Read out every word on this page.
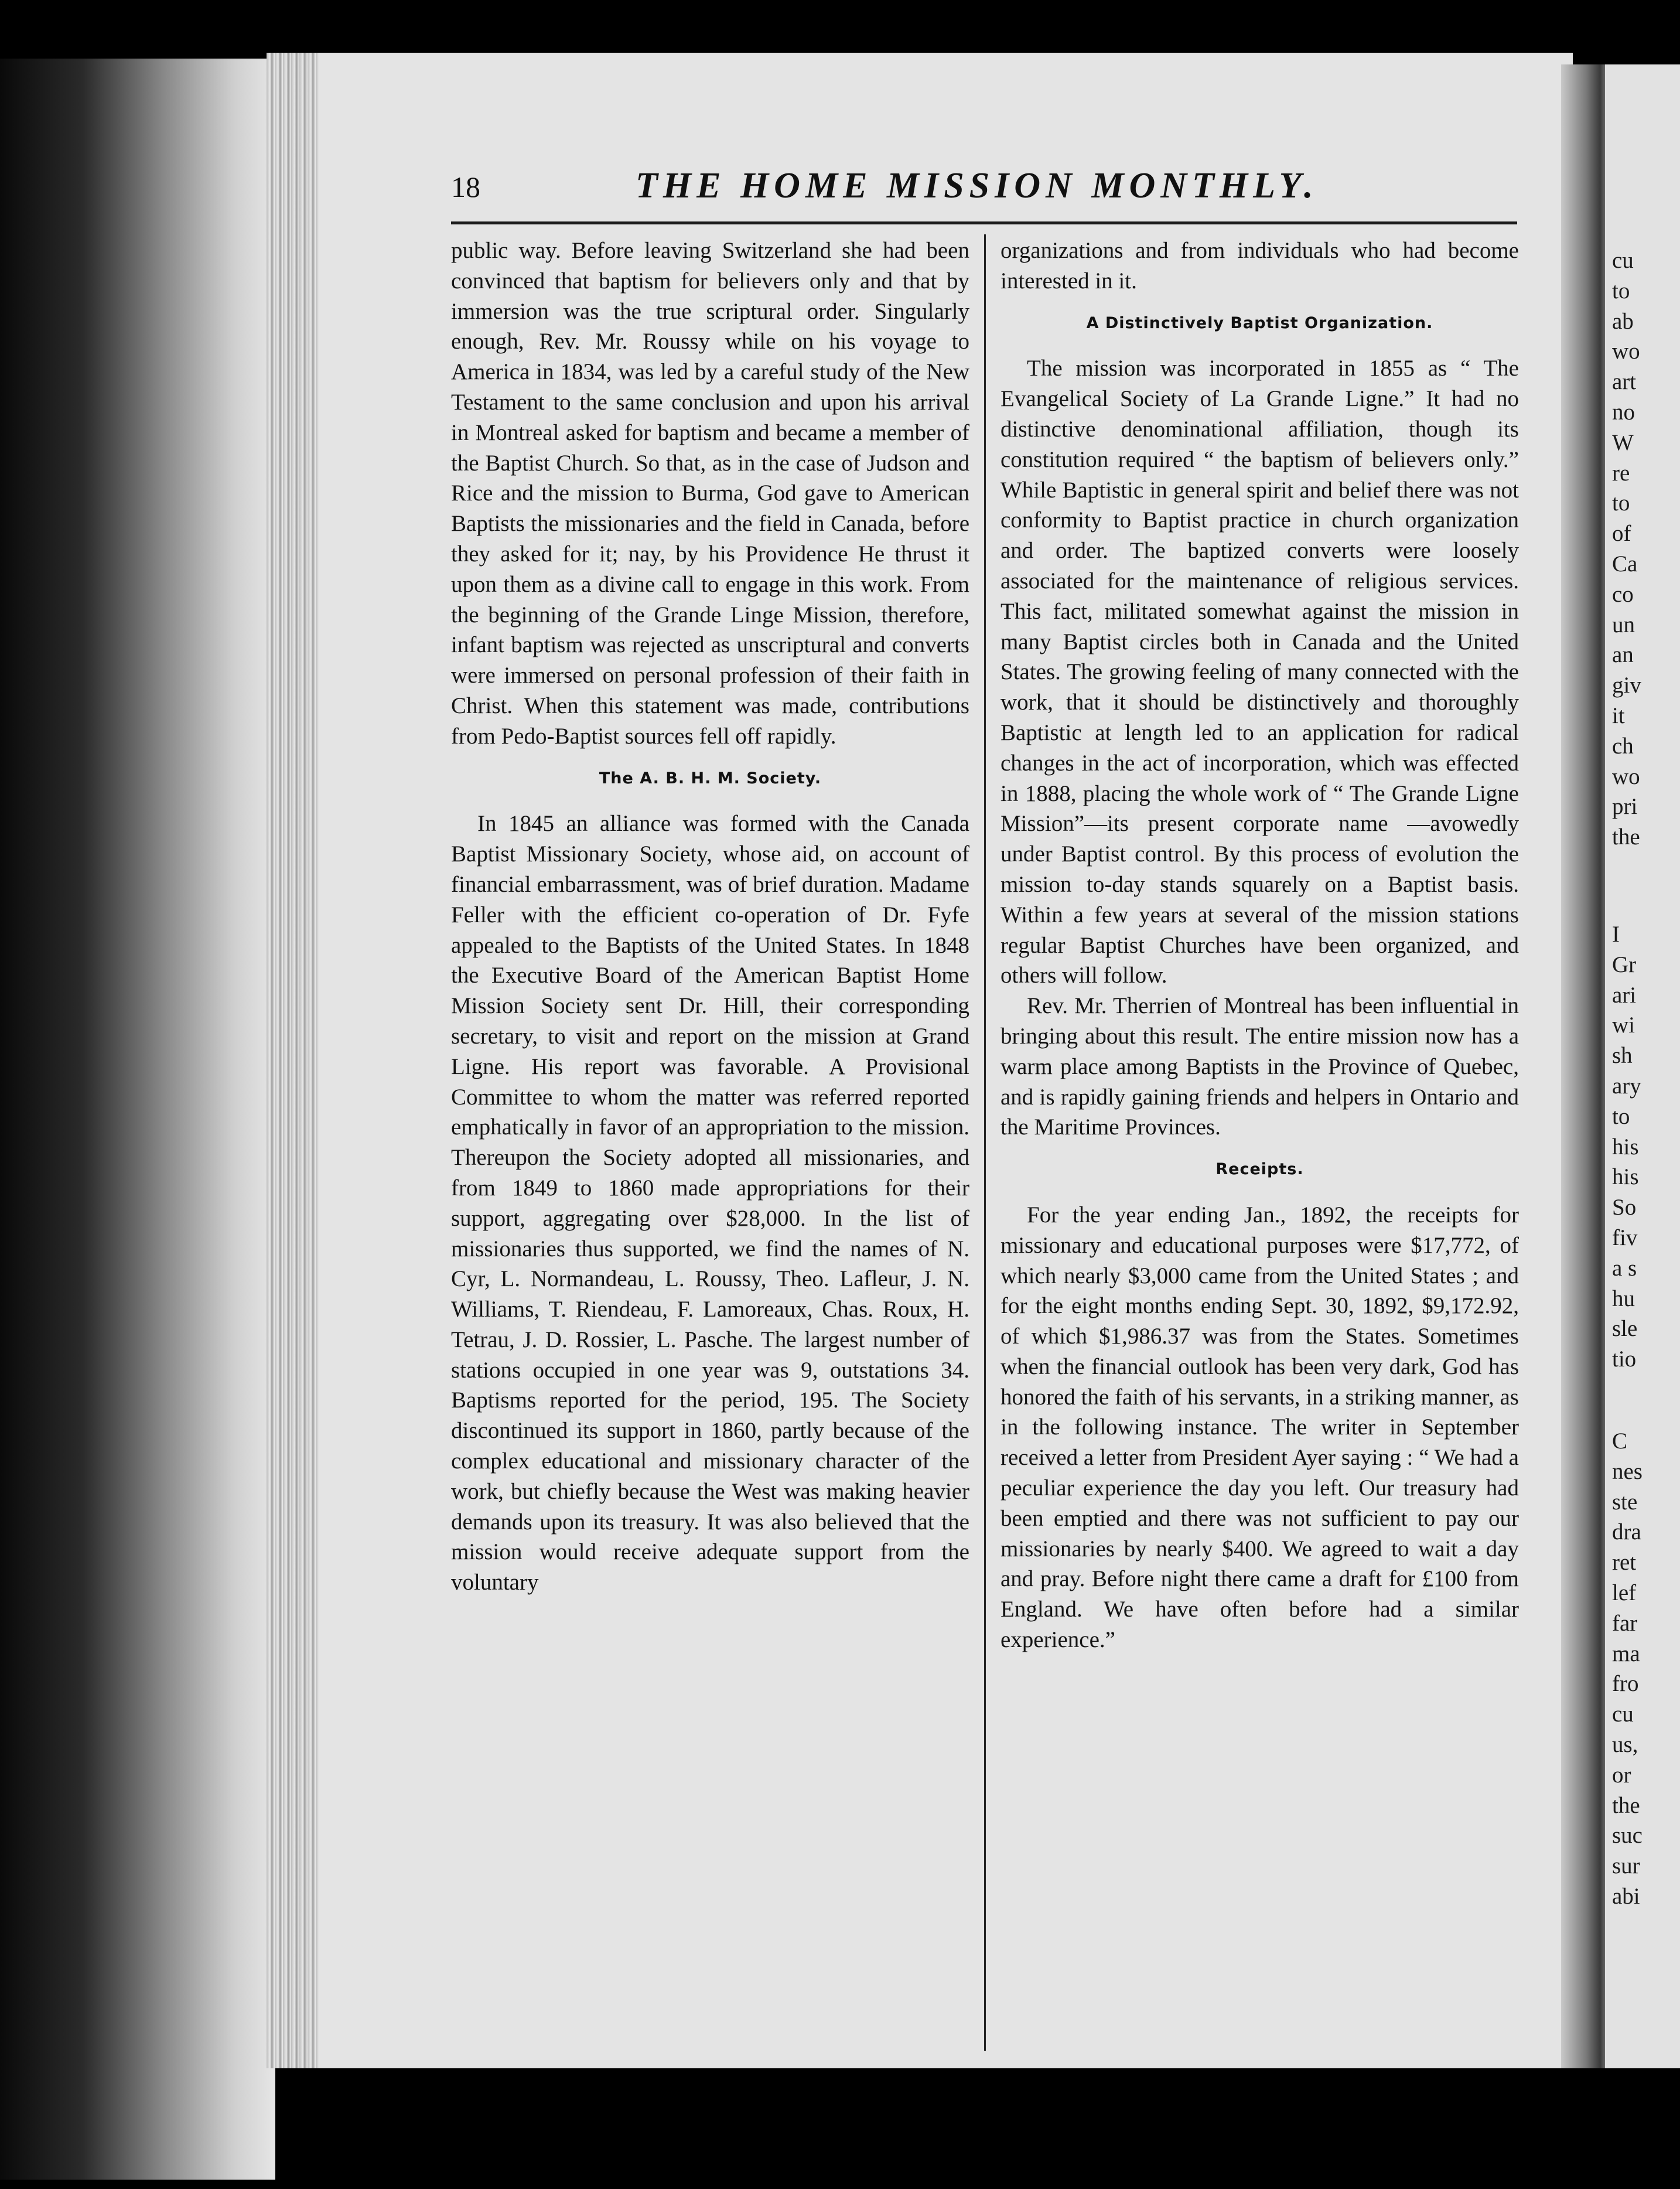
18	THE HOME MISSION MONTHLY.

public way. Before leaving Switzerland she had been convinced that baptism for believers only and that by immersion was the true scriptural order. Singularly enough, Rev. Mr. Roussy while on his voyage to America in 1834, was led by a careful study of the New Testament to the same conclusion and upon his arrival in Montreal asked for baptism and became a member of the Baptist Church. So that, as in the case of Judson and Rice and the mission to Burma, God gave to American Baptists the missionaries and the field in Canada, before they asked for it; nay, by his Providence He thrust it upon them as a divine call to engage in this work. From the beginning of the Grande Linge Mission, therefore, infant baptism was rejected as unscriptural and converts were immersed on personal profession of their faith in Christ. When this statement was made, contributions from Pedo-Baptist sources fell off rapidly.

The A. B. H. M. Society.

In 1845 an alliance was formed with the Canada Baptist Missionary Society, whose aid, on account of financial embarrassment, was of brief duration. Madame Feller with the efficient co-operation of Dr. Fyfe appealed to the Baptists of the United States. In 1848 the Executive Board of the American Baptist Home Mission Society sent Dr. Hill, their corresponding secretary, to visit and report on the mission at Grand Ligne. His report was favorable. A Provisional Committee to whom the matter was referred reported emphatically in favor of an appropriation to the mission. Thereupon the Society adopted all missionaries, and from 1849 to 1860 made appropriations for their support, aggregating over $28,000. In the list of missionaries thus supported, we find the names of N. Cyr, L. Normandeau, L. Roussy, Theo. Lafleur, J. N. Williams, T. Riendeau, F. Lamoreaux, Chas. Roux, H. Tetrau, J. D. Rossier, L. Pasche. The largest number of stations occupied in one year was 9, outstations 34. Baptisms reported for the period, 195. The Society discontinued its support in 1860, partly because of the complex educational and missionary character of the work, but chiefly because the West was making heavier demands upon its treasury. It was also believed that the mission would receive adequate support from the voluntary

organizations and from individuals who had become interested in it.

A Distinctively Baptist Organization.

The mission was incorporated in 1855 as “ The Evangelical Society of La Grande Ligne.” It had no distinctive denominational affiliation, though its constitution required “ the baptism of believers only.” While Baptistic in general spirit and belief there was not conformity to Baptist practice in church organization and order. The baptized converts were loosely associated for the maintenance of religious services. This fact, militated somewhat against the mission in many Baptist circles both in Canada and the United States. The growing feeling of many connected with the work, that it should be distinctively and thoroughly Baptistic at length led to an application for radical changes in the act of incorporation, which was effected in 1888, placing the whole work of “ The Grande Ligne Mission”—its present corporate name —avowedly under Baptist control. By this process of evolution the mission to-day stands squarely on a Baptist basis. Within a few years at several of the mission stations regular Baptist Churches have been organized, and others will follow.

Rev. Mr. Therrien of Montreal has been influential in bringing about this result. The entire mission now has a warm place among Baptists in the Province of Quebec, and is rapidly gaining friends and helpers in Ontario and the Maritime Provinces.

Receipts.

For the year ending Jan., 1892, the receipts for missionary and educational purposes were $17,772, of which nearly $3,000 came from the United States ; and for the eight months ending Sept. 30, 1892, $9,172.92, of which $1,986.37 was from the States. Sometimes when the financial outlook has been very dark, God has honored the faith of his servants, in a striking manner, as in the following instance. The writer in September received a letter from President Ayer saying : “ We had a peculiar experience the day you left. Our treasury had been emptied and there was not sufficient to pay our missionaries by nearly $400. We agreed to wait a day and pray. Before night there came a draft for £100 from England. We have often before had a similar experience.”

cu
to
ab
wo
art
no
W
re
to
of
Ca
co
un
an
giv
it
ch
wo
pri
the
I
Gr
ari
wi
sh
ary
to
his
his
So
fiv
a s
hu
sle
tio
C
nes
ste
dra
ret
lef
far
ma
fro
cu
us,
or
the
suc
sur
abi
